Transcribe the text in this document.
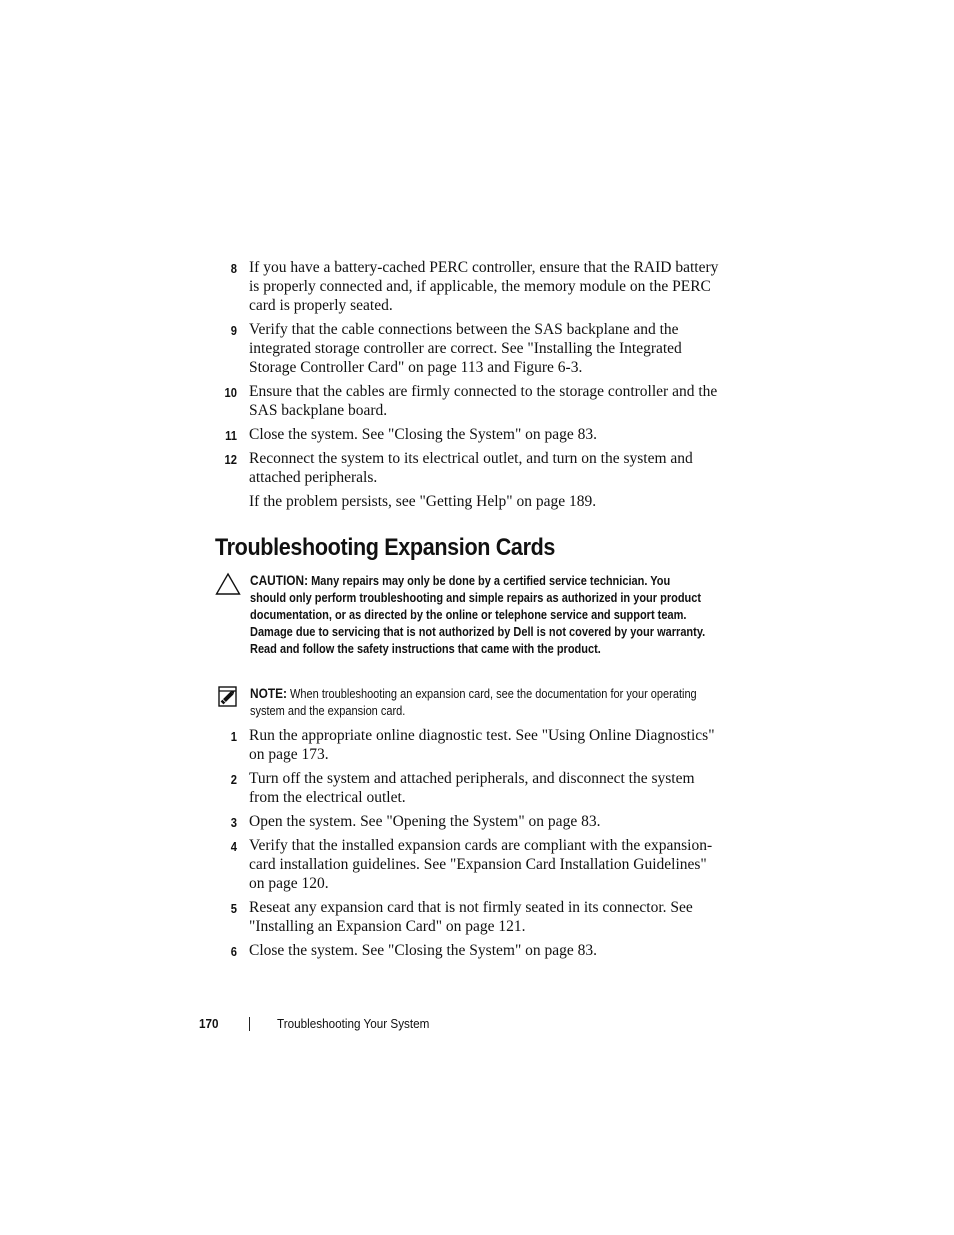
8 If you have a battery-cached PERC controller, ensure that the RAID battery is properly connected and, if applicable, the memory module on the PERC card is properly seated.
9 Verify that the cable connections between the SAS backplane and the integrated storage controller are correct. See "Installing the Integrated Storage Controller Card" on page 113 and Figure 6-3.
10 Ensure that the cables are firmly connected to the storage controller and the SAS backplane board.
11 Close the system. See "Closing the System" on page 83.
12 Reconnect the system to its electrical outlet, and turn on the system and attached peripherals.
If the problem persists, see "Getting Help" on page 189.
Troubleshooting Expansion Cards
CAUTION: Many repairs may only be done by a certified service technician. You should only perform troubleshooting and simple repairs as authorized in your product documentation, or as directed by the online or telephone service and support team. Damage due to servicing that is not authorized by Dell is not covered by your warranty. Read and follow the safety instructions that came with the product.
NOTE: When troubleshooting an expansion card, see the documentation for your operating system and the expansion card.
1 Run the appropriate online diagnostic test. See "Using Online Diagnostics" on page 173.
2 Turn off the system and attached peripherals, and disconnect the system from the electrical outlet.
3 Open the system. See "Opening the System" on page 83.
4 Verify that the installed expansion cards are compliant with the expansion-card installation guidelines. See "Expansion Card Installation Guidelines" on page 120.
5 Reseat any expansion card that is not firmly seated in its connector. See "Installing an Expansion Card" on page 121.
6 Close the system. See "Closing the System" on page 83.
170	Troubleshooting Your System
